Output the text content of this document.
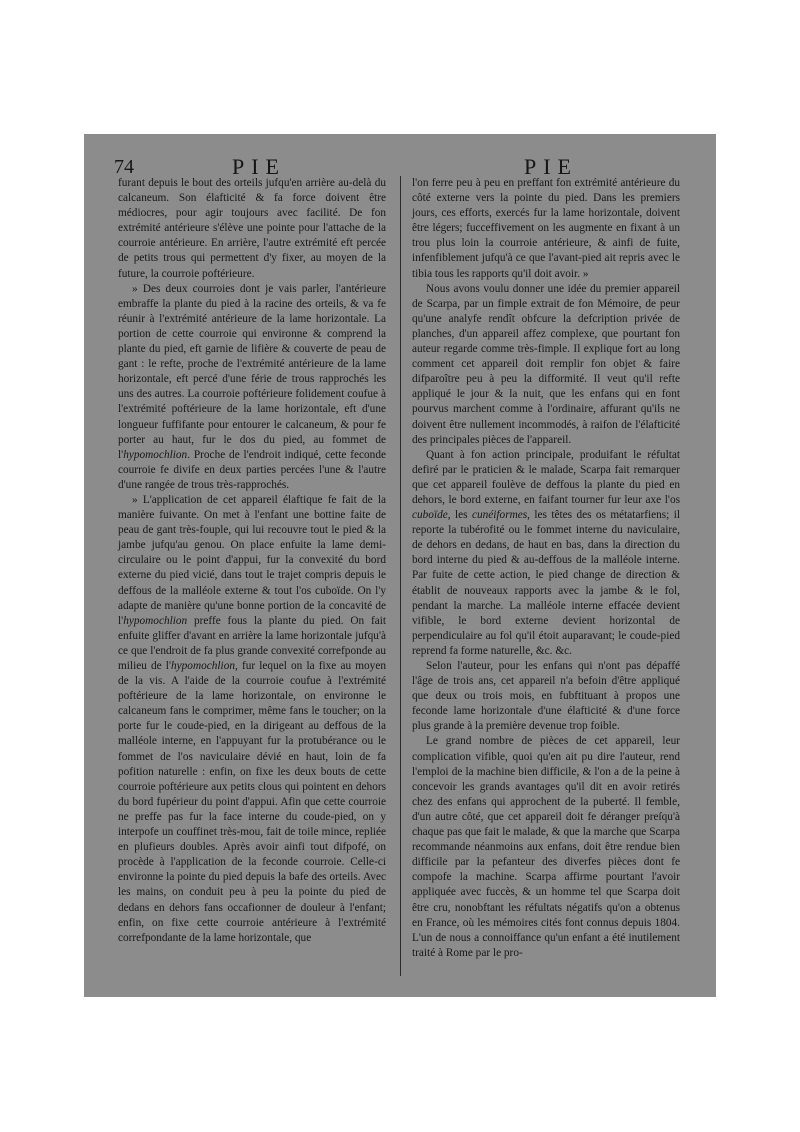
74	PIE	PIE

furant depuis le bout des orteils jufqu'en arrière au-delà du calcaneum. Son élafticité & fa force doivent être médiocres, pour agir toujours avec facilité. De fon extrémité antérieure s'élève une pointe pour l'attache de la courroie antérieure. En arrière, l'autre extrémité eft percée de petits trous qui permettent d'y fixer, au moyen de la future, la courroie poftérieure.

» Des deux courroies dont je vais parler, l'antérieure embraffe la plante du pied à la racine des orteils, & va fe réunir à l'extrémité antérieure de la lame horizontale. La portion de cette courroie qui environne & comprend la plante du pied, eft garnie de lifière & couverte de peau de gant : le refte, proche de l'extrémité antérieure de la lame horizontale, eft percé d'une férie de trous rapprochés les uns des autres. La courroie poftérieure folidement coufue à l'extrémité poftérieure de la lame horizontale, eft d'une longueur fuffifante pour entourer le calcaneum, & pour fe porter au haut, fur le dos du pied, au fommet de l'hypomochlion. Proche de l'endroit indiqué, cette feconde courroie fe divife en deux parties percées l'une & l'autre d'une rangée de trous très-rapprochés.

» L'application de cet appareil élaftique fe fait de la manière fuivante. On met à l'enfant une bottine faite de peau de gant très-fouple, qui lui recouvre tout le pied & la jambe jufqu'au genou. On place enfuite la lame demi-circulaire ou le point d'appui, fur la convexité du bord externe du pied vicié, dans tout le trajet compris depuis le deffous de la malléole externe & tout l'os cuboïde. On l'y adapte de manière qu'une bonne portion de la concavité de l'hypomochlion preffe fous la plante du pied. On fait enfuite gliffer d'avant en arrière la lame horizontale jufqu'à ce que l'endroit de fa plus grande convexité correfponde au milieu de l'hypomochlion, fur lequel on la fixe au moyen de la vis. A l'aide de la courroie coufue à l'extrémité poftérieure de la lame horizontale, on environne le calcaneum fans le comprimer, même fans le toucher; on la porte fur le coude-pied, en la dirigeant au deffous de la malléole interne, en l'appuyant fur la protubérance ou le fommet de l'os naviculaire dévié en haut, loin de fa pofition naturelle : enfin, on fixe les deux bouts de cette courroie poftérieure aux petits clous qui pointent en dehors du bord fupérieur du point d'appui. Afin que cette courroie ne preffe pas fur la face interne du coude-pied, on y interpofe un couffinet très-mou, fait de toile mince, repliée en plufieurs doubles. Après avoir ainfi tout difpofé, on procède à l'application de la feconde courroie. Celle-ci environne la pointe du pied depuis la bafe des orteils. Avec les mains, on conduit peu à peu la pointe du pied de dedans en dehors fans occafionner de douleur à l'enfant; enfin, on fixe cette courroie antérieure à l'extrémité correfpondante de la lame horizontale, que

l'on ferre peu à peu en preffant fon extrémité antérieure du côté externe vers la pointe du pied. Dans les premiers jours, ces efforts, exercés fur la lame horizontale, doivent être légers; fucceffivement on les augmente en fixant à un trou plus loin la courroie antérieure, & ainfi de fuite, infenfiblement jufqu'à ce que l'avant-pied ait repris avec le tibia tous les rapports qu'il doit avoir. »

Nous avons voulu donner une idée du premier appareil de Scarpa, par un fimple extrait de fon Mémoire, de peur qu'une analyfe rendît obfcure la defcription privée de planches, d'un appareil affez complexe, que pourtant fon auteur regarde comme très-fimple. Il explique fort au long comment cet appareil doit remplir fon objet & faire difparoître peu à peu la difformité. Il veut qu'il refte appliqué le jour & la nuit, que les enfans qui en font pourvus marchent comme à l'ordinaire, affurant qu'ils ne doivent être nullement incommodés, à raifon de l'élafticité des principales pièces de l'appareil.

Quant à fon action principale, produifant le réfultat defiré par le praticien & le malade, Scarpa fait remarquer que cet appareil foulève de deffous la plante du pied en dehors, le bord externe, en faifant tourner fur leur axe l'os cuboïde, les cunéiformes, les têtes des os métatarfiens; il reporte la tubérofité ou le fommet interne du naviculaire, de dehors en dedans, de haut en bas, dans la direction du bord interne du pied & au-deffous de la malléole interne. Par fuite de cette action, le pied change de direction & établit de nouveaux rapports avec la jambe & le fol, pendant la marche. La malléole interne effacée devient vifible, le bord externe devient horizontal de perpendiculaire au fol qu'il étoit auparavant; le coude-pied reprend fa forme naturelle, &c. &c.

Selon l'auteur, pour les enfans qui n'ont pas dépaffé l'âge de trois ans, cet appareil n'a befoin d'être appliqué que deux ou trois mois, en fubftituant à propos une feconde lame horizontale d'une élafticité & d'une force plus grande à la première devenue trop foible.

Le grand nombre de pièces de cet appareil, leur complication vifible, quoi qu'en ait pu dire l'auteur, rend l'emploi de la machine bien difficile, & l'on a de la peine à concevoir les grands avantages qu'il dit en avoir retirés chez des enfans qui approchent de la puberté. Il femble, d'un autre côté, que cet appareil doit fe déranger preſqu'à chaque pas que fait le malade, & que la marche que Scarpa recommande néanmoins aux enfans, doit être rendue bien difficile par la pefanteur des diverfes pièces dont fe compofe la machine. Scarpa affirme pourtant l'avoir appliquée avec fuccès, & un homme tel que Scarpa doit être cru, nonobftant les réfultats négatifs qu'on a obtenus en France, où les mémoires cités font connus depuis 1804. L'un de nous a connoiffance qu'un enfant a été inutilement traité à Rome par le pro-
